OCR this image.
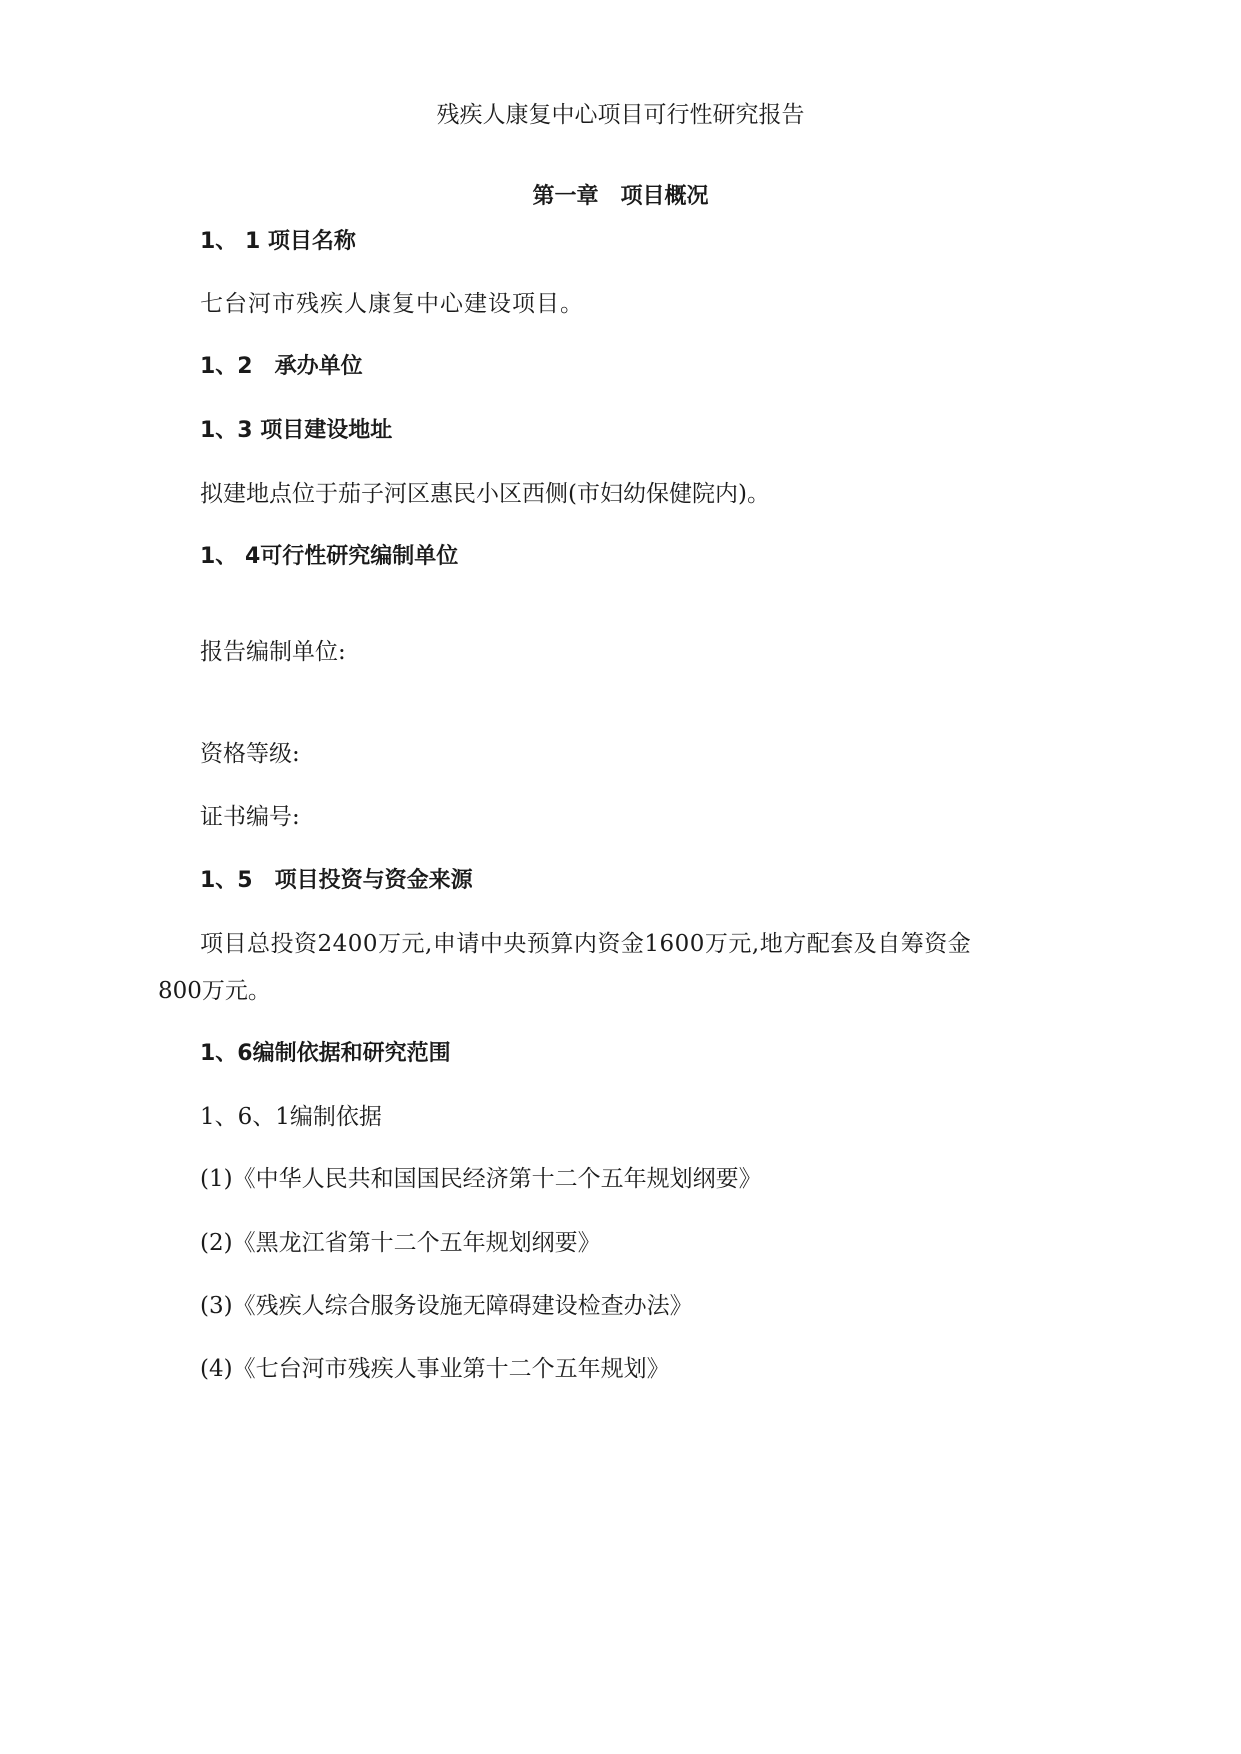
残疾人康复中心项目可行性研究报告
第一章　项目概况
1、 1 项目名称
七台河市残疾人康复中心建设项目。
1、2　承办单位
1、3 项目建设地址
拟建地点位于茄子河区惠民小区西侧(市妇幼保健院内)。
1、 4可行性研究编制单位
报告编制单位:
资格等级:
证书编号:
1、5　项目投资与资金来源
项目总投资2400万元,申请中央预算内资金1600万元,地方配套及自筹资金
800万元。
1、6编制依据和研究范围
1、6、1编制依据
(1)《中华人民共和国国民经济第十二个五年规划纲要》
(2)《黑龙江省第十二个五年规划纲要》
(3)《残疾人综合服务设施无障碍建设检查办法》
(4)《七台河市残疾人事业第十二个五年规划》
